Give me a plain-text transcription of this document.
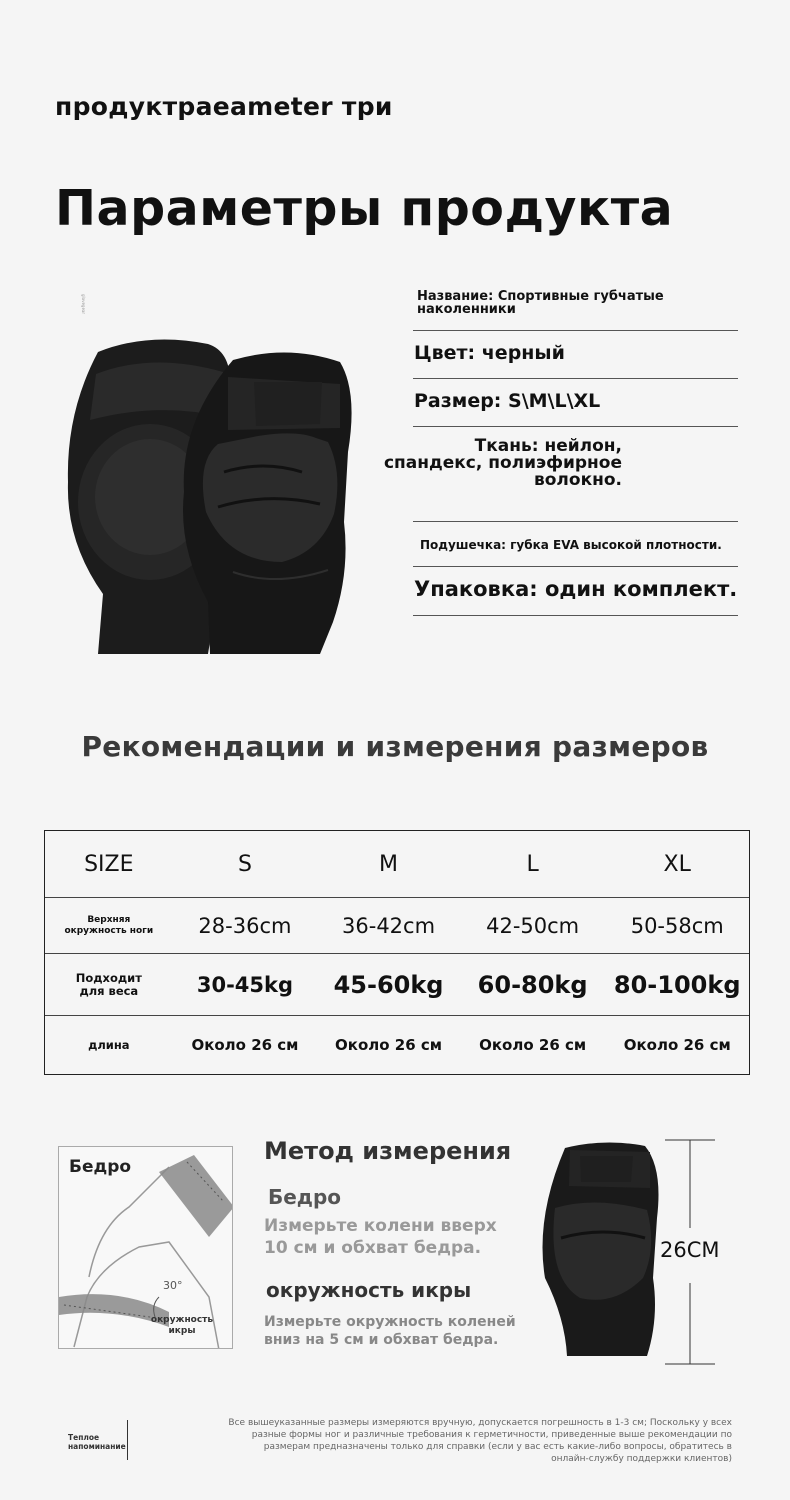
продуктраeameter три
Параметры продукта
glovegear	Название: Спортивные губчатые наколенники
Цвет: черный
Размер: S\M\L\XL
Ткань: нейлон,
спандекс, полиэфирное
волокно.
Подушечка: губка EVA высокой плотности.
Упаковка: один комплект.
Рекомендации и измерения размеров
SIZE	S	M	L	XL
Верхняя
окружность ноги	28-36cm	36-42cm	42-50cm	50-58cm
Подходит
для веса	30-45kg	45-60kg	60-80kg	80-100kg
длина	Около 26 см	Около 26 см	Около 26 см	Около 26 см
Бедро
30°
окружность
икры
Метод измерения
Бедро
Измерьте колени вверх
10 см и обхват бедра.
окружность икры
Измерьте окружность коленей
вниз на 5 см и обхват бедра.
26CM
Теплое
напоминание
Все вышеуказанные размеры измеряются вручную, допускается погрешность в 1-3 см; Поскольку у всех
разные формы ног и различные требования к герметичности, приведенные выше рекомендации по
размерам предназначены только для справки (если у вас есть какие-либо вопросы, обратитесь в
онлайн-службу поддержки клиентов)
